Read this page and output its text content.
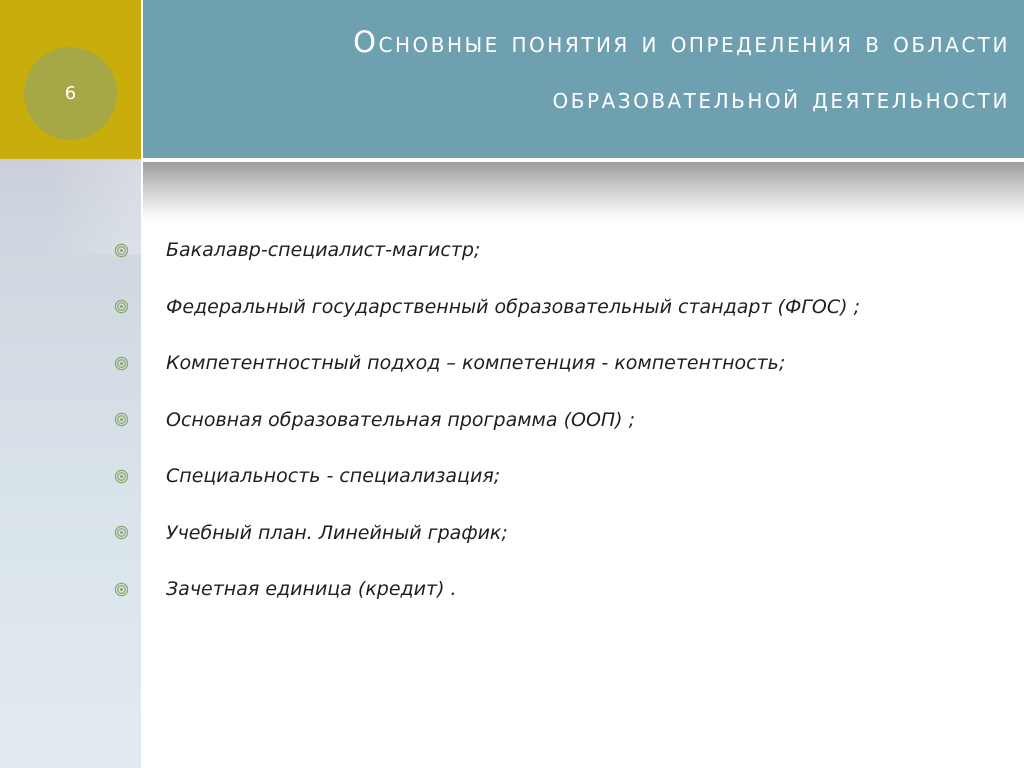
6
Основные понятия и определения в области
образовательной деятельности
Бакалавр-специалист-магистр;
Федеральный государственный образовательный стандарт (ФГОС) ;
Компетентностный подход – компетенция - компетентность;
Основная образовательная программа (ООП) ;
Специальность - специализация;
Учебный план. Линейный график;
Зачетная единица (кредит) .
